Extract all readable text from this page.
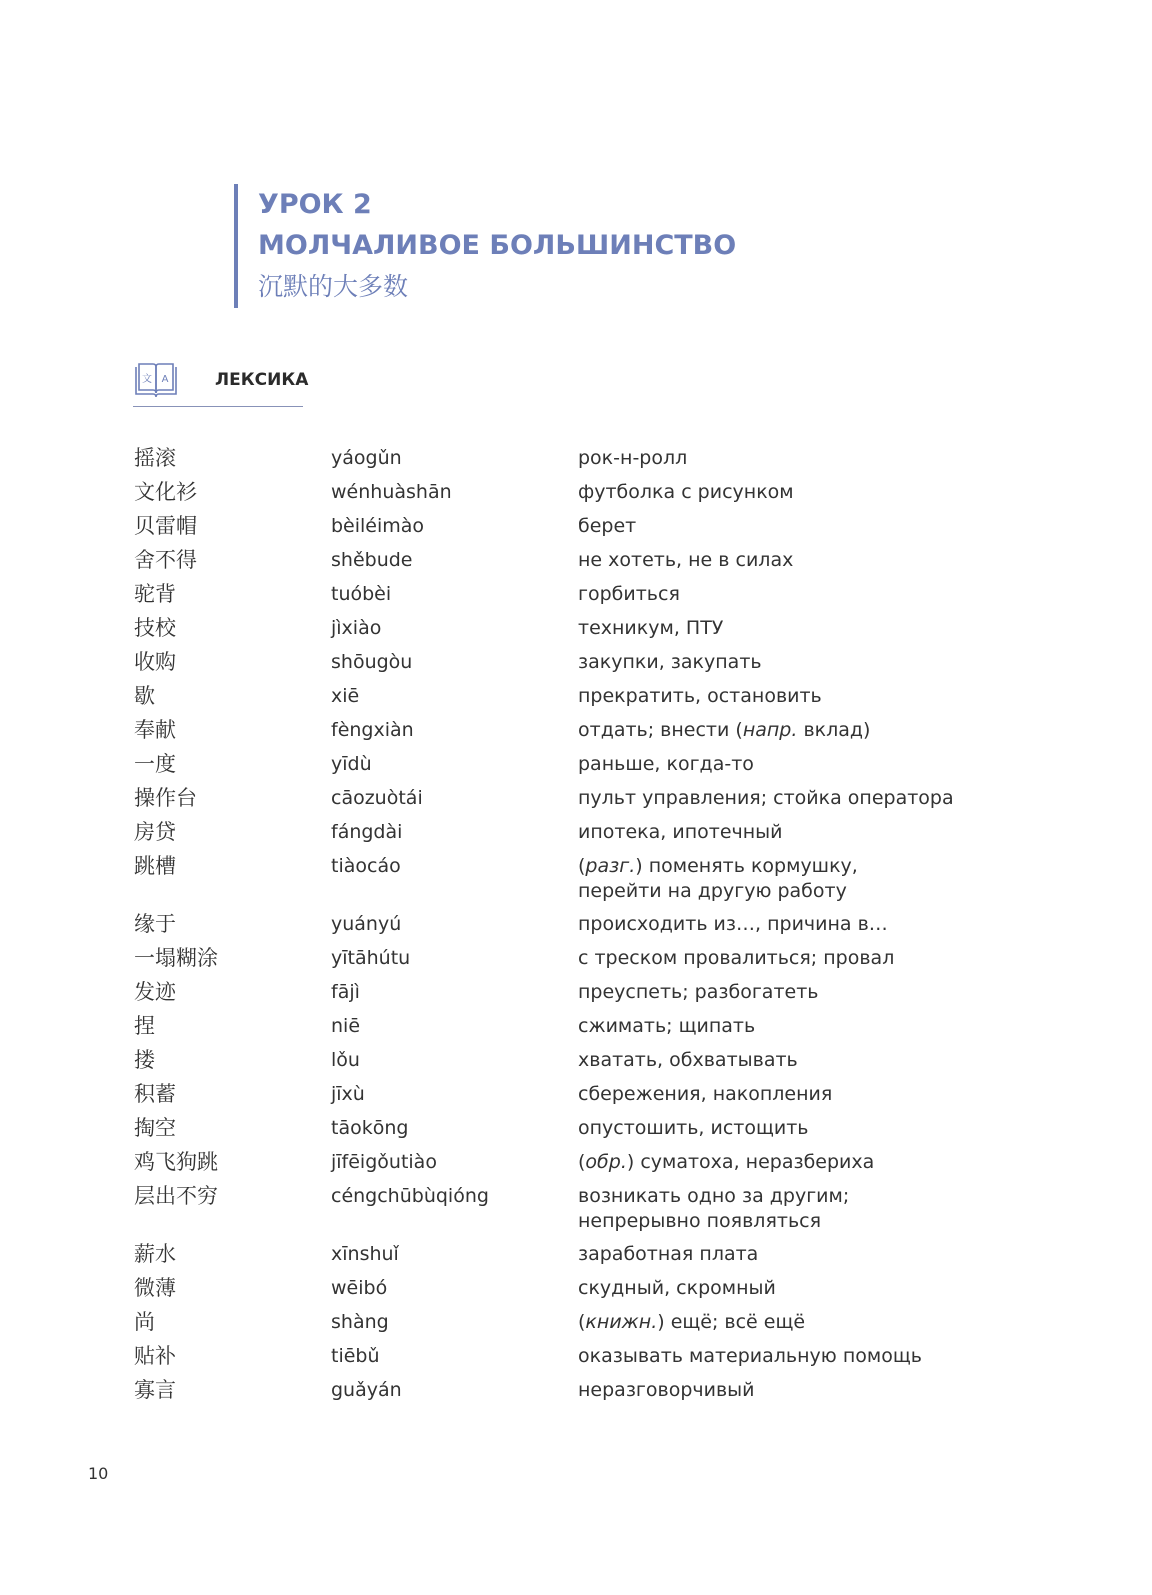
УРОК 2
МОЛЧАЛИВОЕ БОЛЬШИНСТВО
沉默的大多数
文 A	ЛЕКСИКА
摇滚	yáogǔn	рок-н-ролл
文化衫	wénhuàshān	футболка с рисунком
贝雷帽	bèiléimào	берет
舍不得	shěbude	не хотеть, не в силах
驼背	tuóbèi	горбиться
技校	jìxiào	техникум, ПТУ
收购	shōugòu	закупки, закупать
歇	xiē	прекратить, остановить
奉献	fèngxiàn	отдать; внести (напр. вклад)
一度	yīdù	раньше, когда-то
操作台	cāozuòtái	пульт управления; стойка оператора
房贷	fángdài	ипотека, ипотечный
跳槽	tiàocáo	(разг.) поменять кормушку,
перейти на другую работу
缘于	yuányú	происходить из…, причина в…
一塌糊涂	yītāhútu	с треском провалиться; провал
发迹	fājì	преуспеть; разбогатеть
捏	niē	сжимать; щипать
搂	lǒu	хватать, обхватывать
积蓄	jīxù	сбережения, накопления
掏空	tāokōng	опустошить, истощить
鸡飞狗跳	jīfēigǒutiào	(обр.) суматоха, неразбериха
层出不穷	céngchūbùqióng	возникать одно за другим;
непрерывно появляться
薪水	xīnshuǐ	заработная плата
微薄	wēibó	скудный, скромный
尚	shàng	(книжн.) ещё; всё ещё
贴补	tiēbǔ	оказывать материальную помощь
寡言	guǎyán	неразговорчивый
10
